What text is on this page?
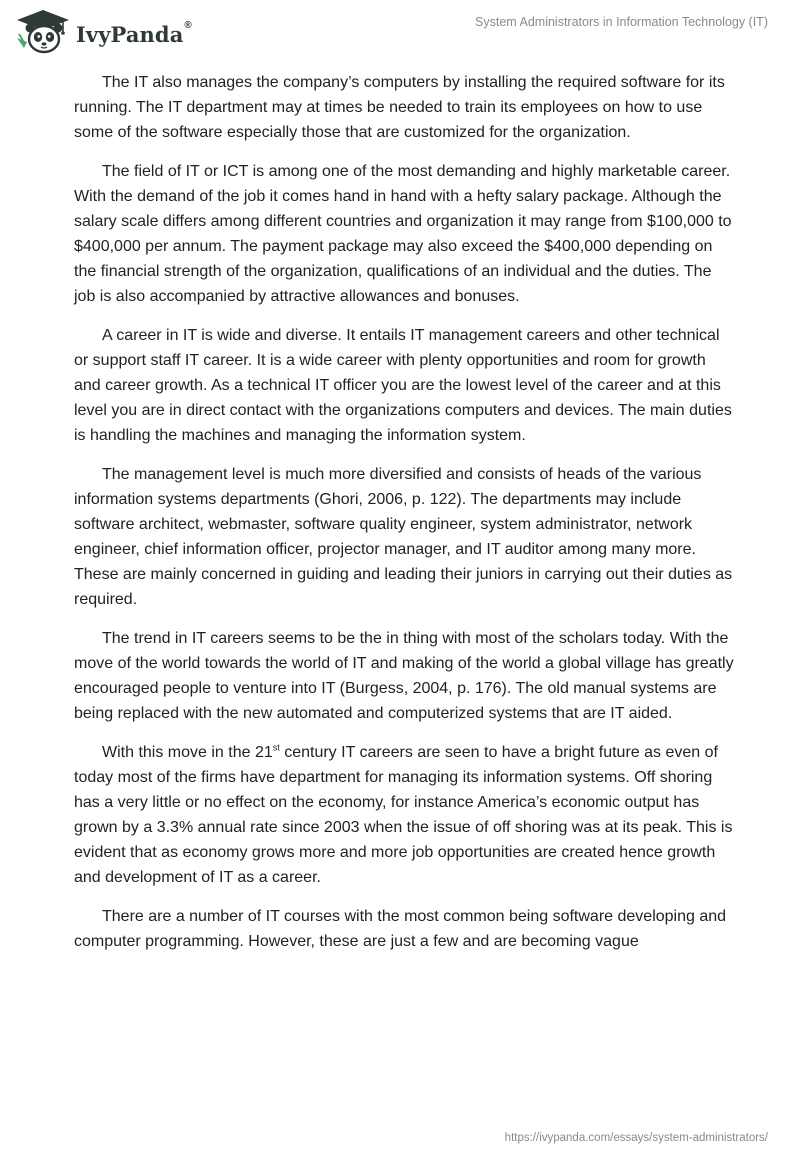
IvyPanda®	System Administrators in Information Technology (IT)

The IT also manages the company’s computers by installing the required software for its running. The IT department may at times be needed to train its employees on how to use some of the software especially those that are customized for the organization.

The field of IT or ICT is among one of the most demanding and highly marketable career. With the demand of the job it comes hand in hand with a hefty salary package. Although the salary scale differs among different countries and organization it may range from $100,000 to $400,000 per annum. The payment package may also exceed the $400,000 depending on the financial strength of the organization, qualifications of an individual and the duties. The job is also accompanied by attractive allowances and bonuses.

A career in IT is wide and diverse. It entails IT management careers and other technical or support staff IT career. It is a wide career with plenty opportunities and room for growth and career growth. As a technical IT officer you are the lowest level of the career and at this level you are in direct contact with the organizations computers and devices. The main duties is handling the machines and managing the information system.

The management level is much more diversified and consists of heads of the various information systems departments (Ghori, 2006, p. 122). The departments may include software architect, webmaster, software quality engineer, system administrator, network engineer, chief information officer, projector manager, and IT auditor among many more. These are mainly concerned in guiding and leading their juniors in carrying out their duties as required.

The trend in IT careers seems to be the in thing with most of the scholars today. With the move of the world towards the world of IT and making of the world a global village has greatly encouraged people to venture into IT (Burgess, 2004, p. 176). The old manual systems are being replaced with the new automated and computerized systems that are IT aided.

With this move in the 21st century IT careers are seen to have a bright future as even of today most of the firms have department for managing its information systems. Off shoring has a very little or no effect on the economy, for instance America’s economic output has grown by a 3.3% annual rate since 2003 when the issue of off shoring was at its peak. This is evident that as economy grows more and more job opportunities are created hence growth and development of IT as a career.

There are a number of IT courses with the most common being software developing and computer programming. However, these are just a few and are becoming vague

https://ivypanda.com/essays/system-administrators/
